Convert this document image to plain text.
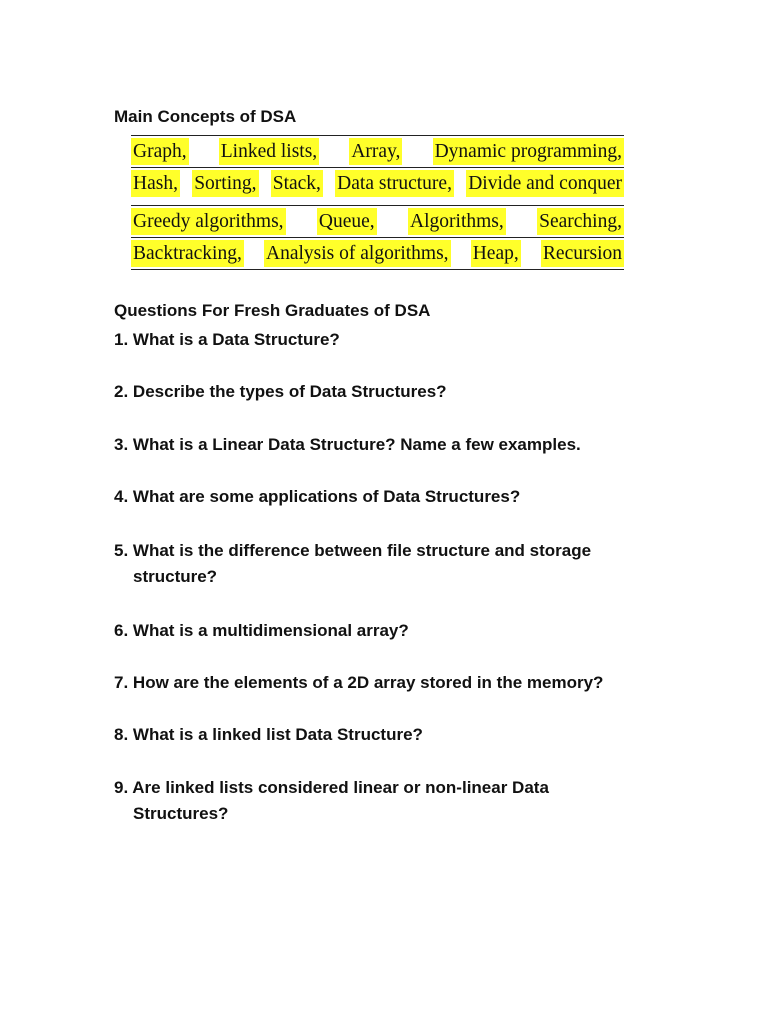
Main Concepts of DSA
Graph, Linked lists, Array, Dynamic programming,
Hash, Sorting, Stack, Data structure, Divide and conquer
Greedy algorithms, Queue, Algorithms, Searching,
Backtracking, Analysis of algorithms, Heap, Recursion
Questions For Fresh Graduates of DSA
1. What is a Data Structure?
2. Describe the types of Data Structures?
3. What is a Linear Data Structure? Name a few examples.
4. What are some applications of Data Structures?
5. What is the difference between file structure and storage
structure?
6. What is a multidimensional array?
7. How are the elements of a 2D array stored in the memory?
8. What is a linked list Data Structure?
9. Are linked lists considered linear or non-linear Data
Structures?
